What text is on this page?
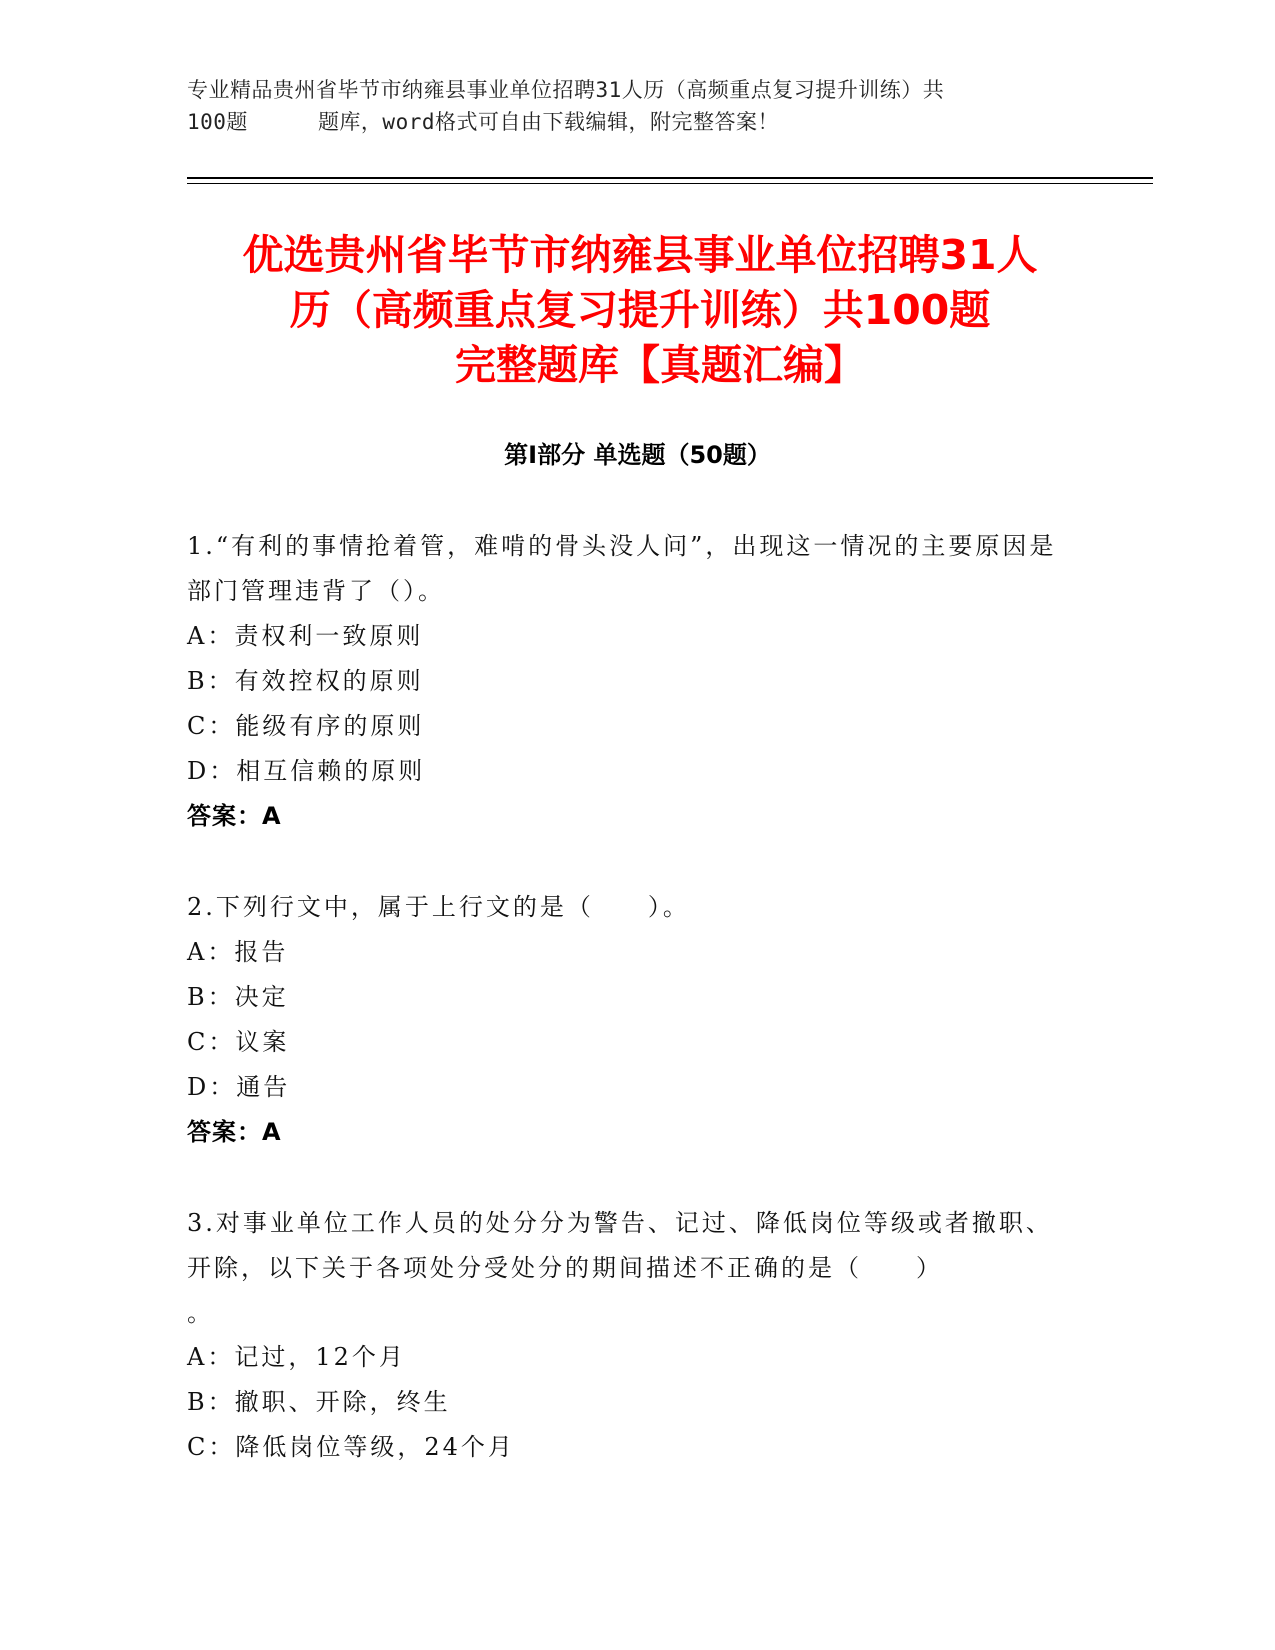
专业精品贵州省毕节市纳雍县事业单位招聘31人历（高频重点复习提升训练）共
100题	题库，word格式可自由下载编辑，附完整答案！
优选贵州省毕节市纳雍县事业单位招聘31人
历（高频重点复习提升训练）共100题
完整题库【真题汇编】
第I部分 单选题（50题）
1.“有利的事情抢着管，难啃的骨头没人问”，出现这一情况的主要原因是部门管理违背了（）。
A：责权利一致原则
B：有效控权的原则
C：能级有序的原则
D：相互信赖的原则
答案：A
2.下列行文中，属于上行文的是（　　）。
A：报告
B：决定
C：议案
D：通告
答案：A
3.对事业单位工作人员的处分分为警告、记过、降低岗位等级或者撤职、开除，以下关于各项处分受处分的期间描述不正确的是（　　）
。
A：记过，12个月
B：撤职、开除，终生
C：降低岗位等级，24个月
